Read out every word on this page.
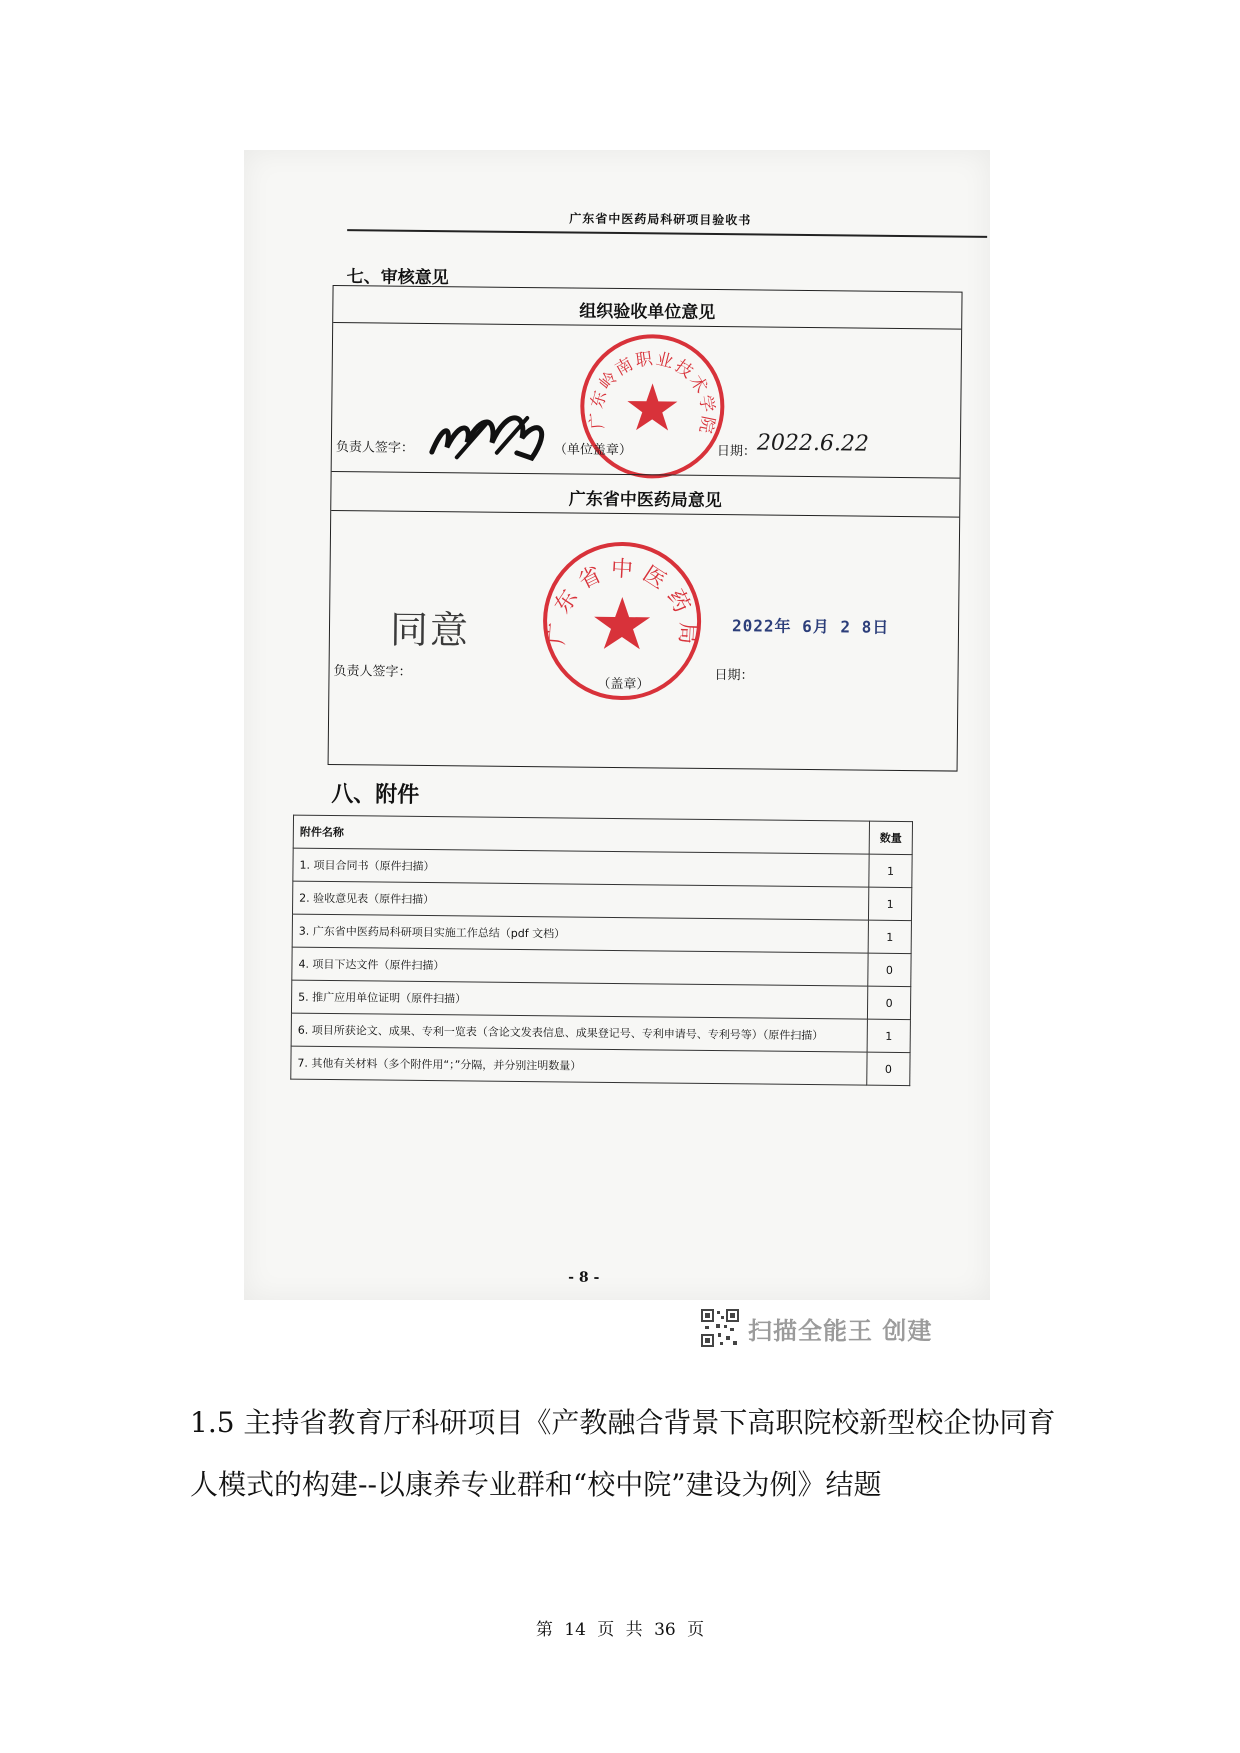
广东省中医药局科研项目验收书
七、审核意见
组织验收单位意见
广东岭南职业技术学院
负责人签字：	（单位盖章）	日期： 2022.6.22
广东省中医药局意见
同意	广东省中医药局 2022年 6月 2 8日
负责人签字：
（盖章）
日期：
八、附件
附件名称	数量
1. 项目合同书（原件扫描）	1
2. 验收意见表（原件扫描）	1
3. 广东省中医药局科研项目实施工作总结（pdf 文档）	1
4. 项目下达文件（原件扫描）	0
5. 推广应用单位证明（原件扫描）	0
6. 项目所获论文、成果、专利一览表（含论文发表信息、成果登记号、专利申请号、专利号等）（原件扫描）	1
7. 其他有关材料（多个附件用“；”分隔，并分别注明数量）	0
- 8 -
扫描全能王 创建
1.5 主持省教育厅科研项目《产教融合背景下高职院校新型校企协同育人模式的构建--以康养专业群和“校中院”建设为例》结题
第 14 页 共 36 页
